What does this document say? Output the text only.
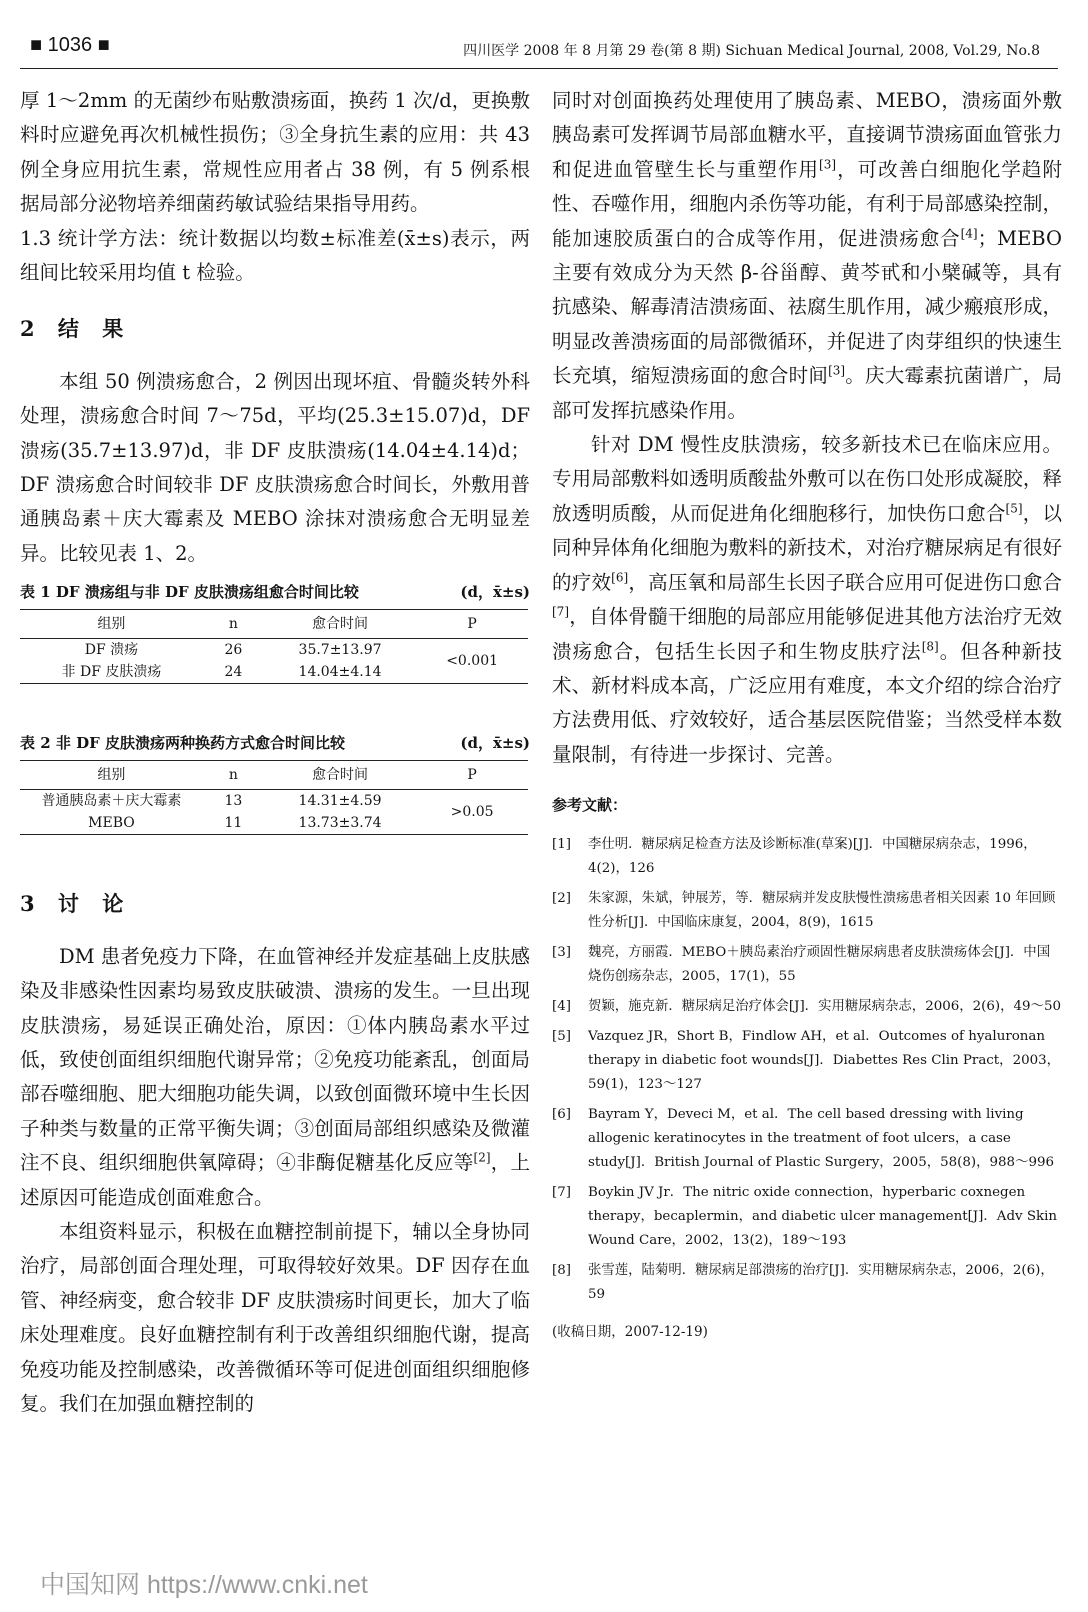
■ 1036 ■	四川医学 2008 年 8 月第 29 卷(第 8 期) Sichuan Medical Journal, 2008, Vol.29, No.8

厚 1～2mm 的无菌纱布贴敷溃疡面，换药 1 次/d，更换敷料时应避免再次机械性损伤；③全身抗生素的应用：共 43 例全身应用抗生素，常规性应用者占 38 例，有 5 例系根据局部分泌物培养细菌药敏试验结果指导用药。

1.3 统计学方法：统计数据以均数±标准差(x̄±s)表示，两组间比较采用均值 t 检验。

2 结 果

本组 50 例溃疡愈合，2 例因出现坏疽、骨髓炎转外科处理，溃疡愈合时间 7～75d，平均(25.3±15.07)d，DF 溃疡(35.7±13.97)d，非 DF 皮肤溃疡(14.04±4.14)d；DF 溃疡愈合时间较非 DF 皮肤溃疡愈合时间长，外敷用普通胰岛素＋庆大霉素及 MEBO 涂抹对溃疡愈合无明显差异。比较见表 1、2。

表 1 DF 溃疡组与非 DF 皮肤溃疡组愈合时间比较	(d，x̄±s)

组别	n	愈合时间	P
DF 溃疡	26	35.7±13.97	<0.001
非 DF 皮肤溃疡	24	14.04±4.14	

表 2 非 DF 皮肤溃疡两种换药方式愈合时间比较	(d，x̄±s)

组别	n	愈合时间	P
普通胰岛素＋庆大霉素	13	14.31±4.59	>0.05
MEBO	11	13.73±3.74	

3 讨 论

DM 患者免疫力下降，在血管神经并发症基础上皮肤感染及非感染性因素均易致皮肤破溃、溃疡的发生。一旦出现皮肤溃疡，易延误正确处治，原因：①体内胰岛素水平过低，致使创面组织细胞代谢异常；②免疫功能紊乱，创面局部吞噬细胞、肥大细胞功能失调，以致创面微环境中生长因子种类与数量的正常平衡失调；③创面局部组织感染及微灌注不良、组织细胞供氧障碍；④非酶促糖基化反应等[2]，上述原因可能造成创面难愈合。

本组资料显示，积极在血糖控制前提下，辅以全身协同治疗，局部创面合理处理，可取得较好效果。DF 因存在血管、神经病变，愈合较非 DF 皮肤溃疡时间更长，加大了临床处理难度。良好血糖控制有利于改善组织细胞代谢，提高免疫功能及控制感染，改善微循环等可促进创面组织细胞修复。我们在加强血糖控制的

同时对创面换药处理使用了胰岛素、MEBO，溃疡面外敷胰岛素可发挥调节局部血糖水平，直接调节溃疡面血管张力和促进血管壁生长与重塑作用[3]，可改善白细胞化学趋附性、吞噬作用，细胞内杀伤等功能，有利于局部感染控制，能加速胶质蛋白的合成等作用，促进溃疡愈合[4]；MEBO 主要有效成分为天然 β-谷甾醇、黄芩甙和小檗碱等，具有抗感染、解毒清洁溃疡面、祛腐生肌作用，减少瘢痕形成，明显改善溃疡面的局部微循环，并促进了肉芽组织的快速生长充填，缩短溃疡面的愈合时间[3]。庆大霉素抗菌谱广，局部可发挥抗感染作用。

针对 DM 慢性皮肤溃疡，较多新技术已在临床应用。专用局部敷料如透明质酸盐外敷可以在伤口处形成凝胶，释放透明质酸，从而促进角化细胞移行，加快伤口愈合[5]，以同种异体角化细胞为敷料的新技术，对治疗糖尿病足有很好的疗效[6]，高压氧和局部生长因子联合应用可促进伤口愈合[7]，自体骨髓干细胞的局部应用能够促进其他方法治疗无效溃疡愈合，包括生长因子和生物皮肤疗法[8]。但各种新技术、新材料成本高，广泛应用有难度，本文介绍的综合治疗方法费用低、疗效较好，适合基层医院借鉴；当然受样本数量限制，有待进一步探讨、完善。

参考文献：

[1] 李仕明．糖尿病足检查方法及诊断标准(草案)[J]．中国糖尿病杂志，1996，4(2)，126
[2] 朱家源，朱斌，钟展芳，等．糖尿病并发皮肤慢性溃疡患者相关因素 10 年回顾性分析[J]．中国临床康复，2004，8(9)，1615
[3] 魏亮，方丽霞．MEBO＋胰岛素治疗顽固性糖尿病患者皮肤溃疡体会[J]．中国烧伤创疡杂志，2005，17(1)，55
[4] 贺颖，施克新．糖尿病足治疗体会[J]．实用糖尿病杂志，2006，2(6)，49～50
[5] Vazquez JR，Short B，Findlow AH，et al．Outcomes of hyaluronan therapy in diabetic foot wounds[J]．Diabettes Res Clin Pract，2003，59(1)，123～127
[6] Bayram Y，Deveci M，et al．The cell based dressing with living allogenic keratinocytes in the treatment of foot ulcers，a case study[J]．British Journal of Plastic Surgery，2005，58(8)，988～996
[7] Boykin JV Jr．The nitric oxide connection，hyperbaric coxnegen therapy，becaplermin，and diabetic ulcer management[J]．Adv Skin Wound Care，2002，13(2)，189～193
[8] 张雪莲，陆菊明．糖尿病足部溃疡的治疗[J]．实用糖尿病杂志，2006，2(6)，59

(收稿日期，2007-12-19)

中国知网 https://www.cnki.net
